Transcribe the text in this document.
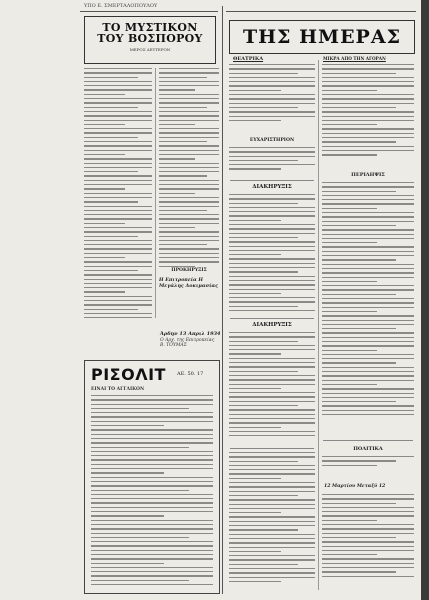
ΥΠΟ Ε. ΣΜΕΡΤΑΛΟΠΟΥΛΟΥ
ΤΟ ΜΥΣΤΙΚΟΝ
ΤΟΥ ΒΟΣΠΟΡΟΥ
ΜΕΡΟΣ ΔΕΥΤΕΡΟΝ
ΤΗΣ ΗΜΕΡΑΣ
ΘΕΑΤΡΙΚΑ	ΜΙΚΡΑ ΑΠΟ ΤΗΝ ΑΓΟΡΑΝ
ΠΡΟΚΗΡΥΞΙΣ
Η Επιτροπεία Η Μεγάλης Δοκιμασίας
Άρδην 13 Απριλ 1934
Ο Αρχ. της Επιτροπείας Β. ΤΟΥΜΑΣ
ΡΙΣΟΛΙΤ ΑΕ. 50. 17
ΕΙΝΑΙ ΤΟ ΑΓΓΛΙΚΟΝ
ΕΥΧΑΡΙΣΤΗΡΙΟΝ
ΔΙΑΚΗΡΥΞΙΣ
ΔΙΑΚΗΡΥΞΙΣ
ΠΕΡΙΛΗΨΙΣ
ΠΟΛΙΤΙΚΑ
12 Μαρτίου Μεταξύ 12
